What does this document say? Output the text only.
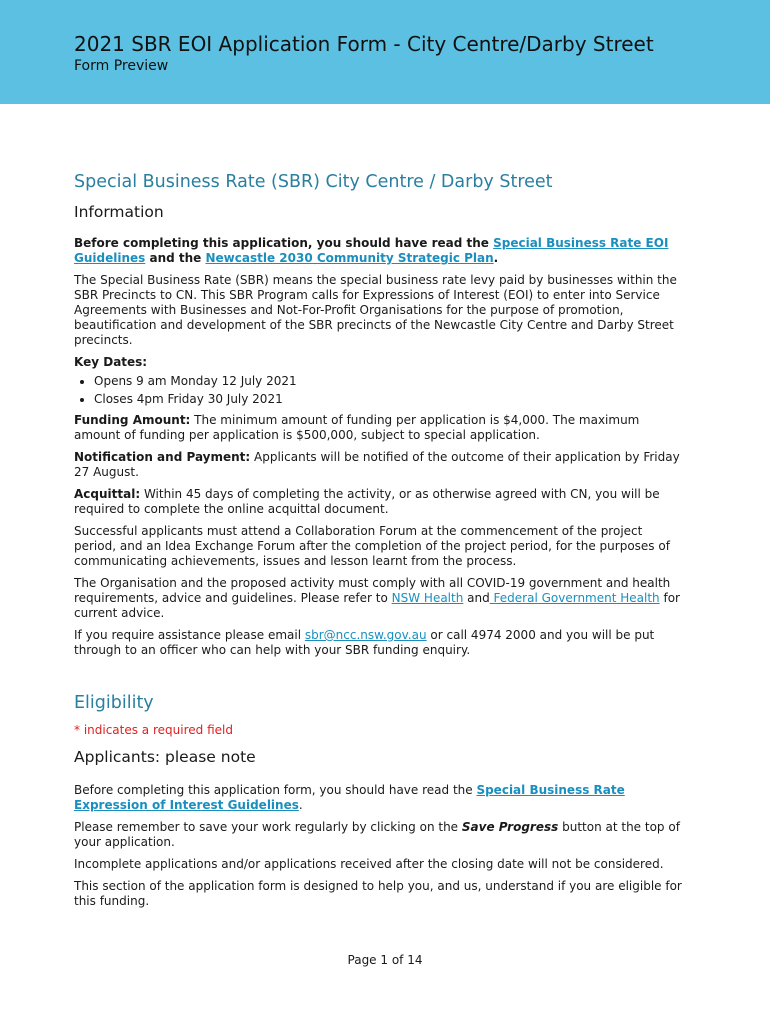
2021 SBR EOI Application Form - City Centre/Darby Street
Form Preview
Special Business Rate (SBR) City Centre / Darby Street
Information

Before completing this application, you should have read the Special Business Rate EOI Guidelines and the Newcastle 2030 Community Strategic Plan.

The Special Business Rate (SBR) means the special business rate levy paid by businesses within the SBR Precincts to CN. This SBR Program calls for Expressions of Interest (EOI) to enter into Service Agreements with Businesses and Not-For-Profit Organisations for the purpose of promotion, beautification and development of the SBR precincts of the Newcastle City Centre and Darby Street precincts.

Key Dates:

• Opens 9 am Monday 12 July 2021
• Closes 4pm Friday 30 July 2021

Funding Amount: The minimum amount of funding per application is $4,000. The maximum amount of funding per application is $500,000, subject to special application.

Notification and Payment: Applicants will be notified of the outcome of their application by Friday 27 August.

Acquittal: Within 45 days of completing the activity, or as otherwise agreed with CN, you will be required to complete the online acquittal document.

Successful applicants must attend a Collaboration Forum at the commencement of the project period, and an Idea Exchange Forum after the completion of the project period, for the purposes of communicating achievements, issues and lesson learnt from the process.

The Organisation and the proposed activity must comply with all COVID-19 government and health requirements, advice and guidelines. Please refer to NSW Health and Federal Government Health for current advice.

If you require assistance please email sbr@ncc.nsw.gov.au or call 4974 2000 and you will be put through to an officer who can help with your SBR funding enquiry.

Eligibility

* indicates a required field

Applicants: please note

Before completing this application form, you should have read the Special Business Rate Expression of Interest Guidelines.

Please remember to save your work regularly by clicking on the Save Progress button at the top of your application.

Incomplete applications and/or applications received after the closing date will not be considered.

This section of the application form is designed to help you, and us, understand if you are eligible for this funding.

Page 1 of 14
